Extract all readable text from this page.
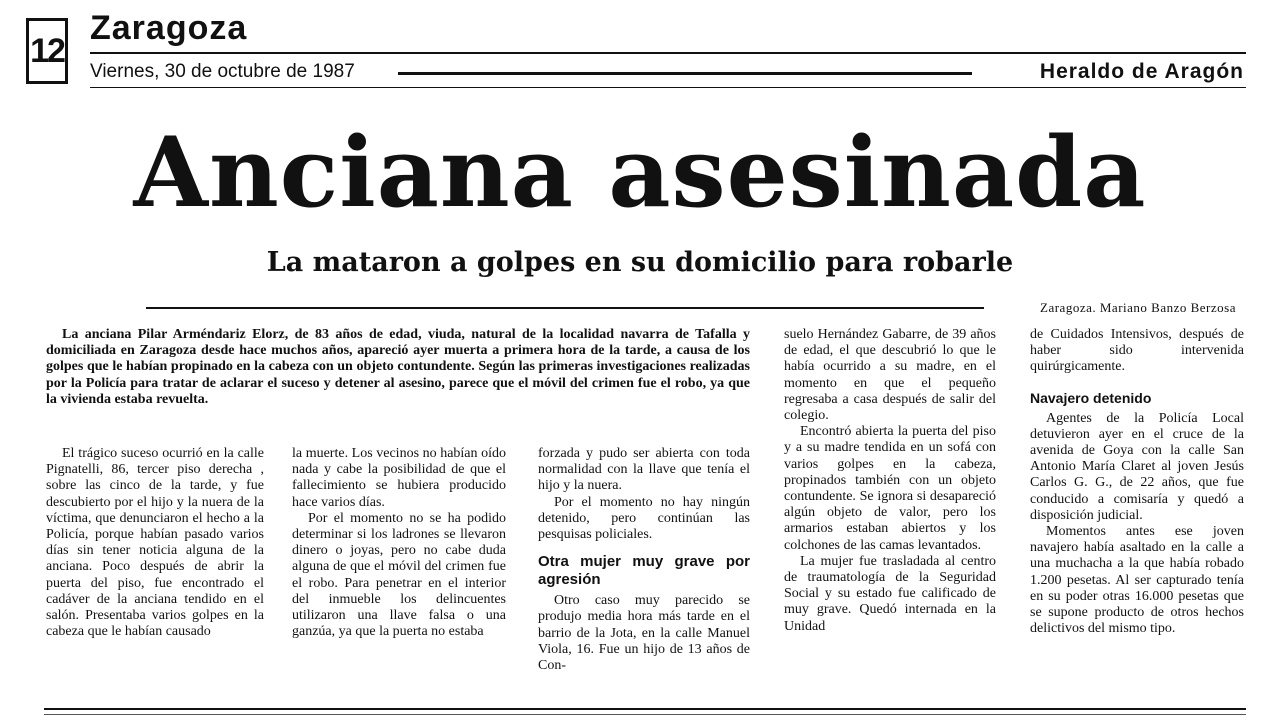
12
Zaragoza
Viernes, 30 de octubre de 1987	Heraldo de Aragón
Anciana asesinada
La mataron a golpes en su domicilio para robarle
Zaragoza. Mariano Banzo Berzosa

La anciana Pilar Arméndariz Elorz, de 83 años de edad, viuda, natural de la localidad navarra de Tafalla y domiciliada en Zaragoza desde hace muchos años, apareció ayer muerta a primera hora de la tarde, a causa de los golpes que le habían propinado en la cabeza con un objeto contundente. Según las primeras investigaciones realizadas por la Policía para tratar de aclarar el suceso y detener al asesino, parece que el móvil del crimen fue el robo, ya que la vivienda estaba revuelta.

El trágico suceso ocurrió en la calle Pignatelli, 86, tercer piso derecha , sobre las cinco de la tarde, y fue descubierto por el hijo y la nuera de la víctima, que denunciaron el hecho a la Policía, porque habían pasado varios días sin tener noticia alguna de la anciana. Poco después de abrir la puerta del piso, fue encontrado el cadáver de la anciana tendido en el salón. Presentaba varios golpes en la cabeza que le habían causado

la muerte. Los vecinos no habían oído nada y cabe la posibilidad de que el fallecimiento se hubiera producido hace varios días.

Por el momento no se ha podido determinar si los ladrones se llevaron dinero o joyas, pero no cabe duda alguna de que el móvil del crimen fue el robo. Para penetrar en el interior del inmueble los delincuentes utilizaron una llave falsa o una ganzúa, ya que la puerta no estaba

forzada y pudo ser abierta con toda normalidad con la llave que tenía el hijo y la nuera.

Por el momento no hay ningún detenido, pero continúan las pesquisas policiales.

Otra mujer muy grave por agresión

Otro caso muy parecido se produjo media hora más tarde en el barrio de la Jota, en la calle Manuel Viola, 16. Fue un hijo de 13 años de Con-

suelo Hernández Gabarre, de 39 años de edad, el que descubrió lo que le había ocurrido a su madre, en el momento en que el pequeño regresaba a casa después de salir del colegio.

Encontró abierta la puerta del piso y a su madre tendida en un sofá con varios golpes en la cabeza, propinados también con un objeto contundente. Se ignora si desapareció algún objeto de valor, pero los armarios estaban abiertos y los colchones de las camas levantados.

La mujer fue trasladada al centro de traumatología de la Seguridad Social y su estado fue calificado de muy grave. Quedó internada en la Unidad

de Cuidados Intensivos, después de haber sido intervenida quirúrgicamente.

Navajero detenido

Agentes de la Policía Local detuvieron ayer en el cruce de la avenida de Goya con la calle San Antonio María Claret al joven Jesús Carlos G. G., de 22 años, que fue conducido a comisaría y quedó a disposición judicial.

Momentos antes ese joven navajero había asaltado en la calle a una muchacha a la que había robado 1.200 pesetas. Al ser capturado tenía en su poder otras 16.000 pesetas que se supone producto de otros hechos delictivos del mismo tipo.
